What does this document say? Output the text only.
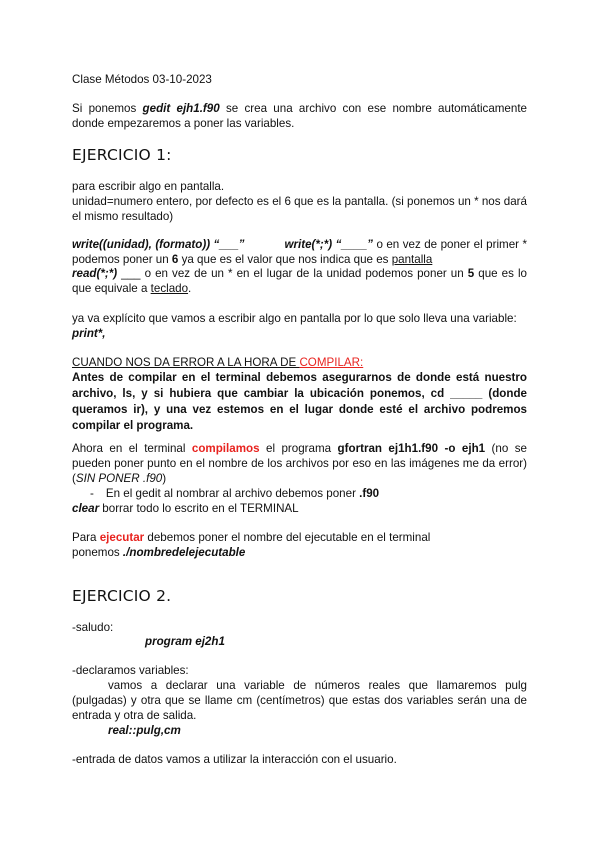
Clase Métodos 03-10-2023

Si ponemos gedit ejh1.f90 se crea una archivo con ese nombre automáticamente donde empezaremos a poner las variables.

EJERCICIO 1:

para escribir algo en pantalla.

unidad=numero entero, por defecto es el 6 que es la pantalla. (si ponemos un * nos dará el mismo resultado)

write((unidad), (formato)) “___”	write(*;*) “____” o en vez de poner el primer * podemos poner un 6 ya que es el valor que nos indica que es pantalla

read(*;*) ___ o en vez de un * en el lugar de la unidad podemos poner un 5 que es lo que equivale a teclado.

ya va explícito que vamos a escribir algo en pantalla por lo que solo lleva una variable:

print*,

CUANDO NOS DA ERROR A LA HORA DE COMPILAR:

Antes de compilar en el terminal debemos asegurarnos de donde está nuestro archivo, ls, y si hubiera que cambiar la ubicación ponemos, cd _____ (donde queramos ir), y una vez estemos en el lugar donde esté el archivo podremos compilar el programa.

Ahora en el terminal compilamos el programa gfortran ej1h1.f90 -o ejh1 (no se pueden poner punto en el nombre de los archivos por eso en las imágenes me da error) (SIN PONER .f90)

- En el gedit al nombrar al archivo debemos poner .f90

clear borrar todo lo escrito en el TERMINAL

Para ejecutar debemos poner el nombre del ejecutable en el terminal

ponemos ./nombredelejecutable

EJERCICIO 2.

-saludo:

program ej2h1

-declaramos variables:

vamos a declarar una variable de números reales que llamaremos pulg (pulgadas) y otra que se llame cm (centímetros) que estas dos variables serán una de entrada y otra de salida.

real::pulg,cm

-entrada de datos vamos a utilizar la interacción con el usuario.
